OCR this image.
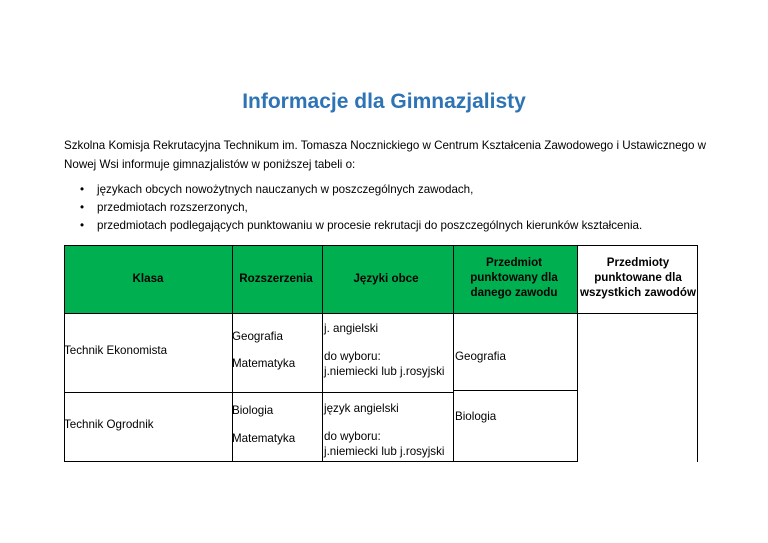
Informacje dla Gimnazjalisty
Szkolna Komisja Rekrutacyjna Technikum im. Tomasza Nocznickiego w Centrum Kształcenia Zawodowego i Ustawicznego w Nowej Wsi informuje gimnazjalistów w poniższej tabeli o:
• językach obcych nowożytnych nauczanych w poszczególnych zawodach,
• przedmiotach rozszerzonych,
• przedmiotach podlegających punktowaniu w procesie rekrutacji do poszczególnych kierunków kształcenia.
Klasa	Rozszerzenia	Języki obce
Przedmiot punktowany dla danego zawodu
Przedmioty punktowane dla wszystkich zawodów
Technik Ekonomista
Geografia
Matematyka
j. angielski
do wyboru:
j.niemiecki lub j.rosyjski
Geografia
Technik Ogrodnik
Biologia
Matematyka
język angielski
do wyboru:
j.niemiecki lub j.rosyjski
Biologia
